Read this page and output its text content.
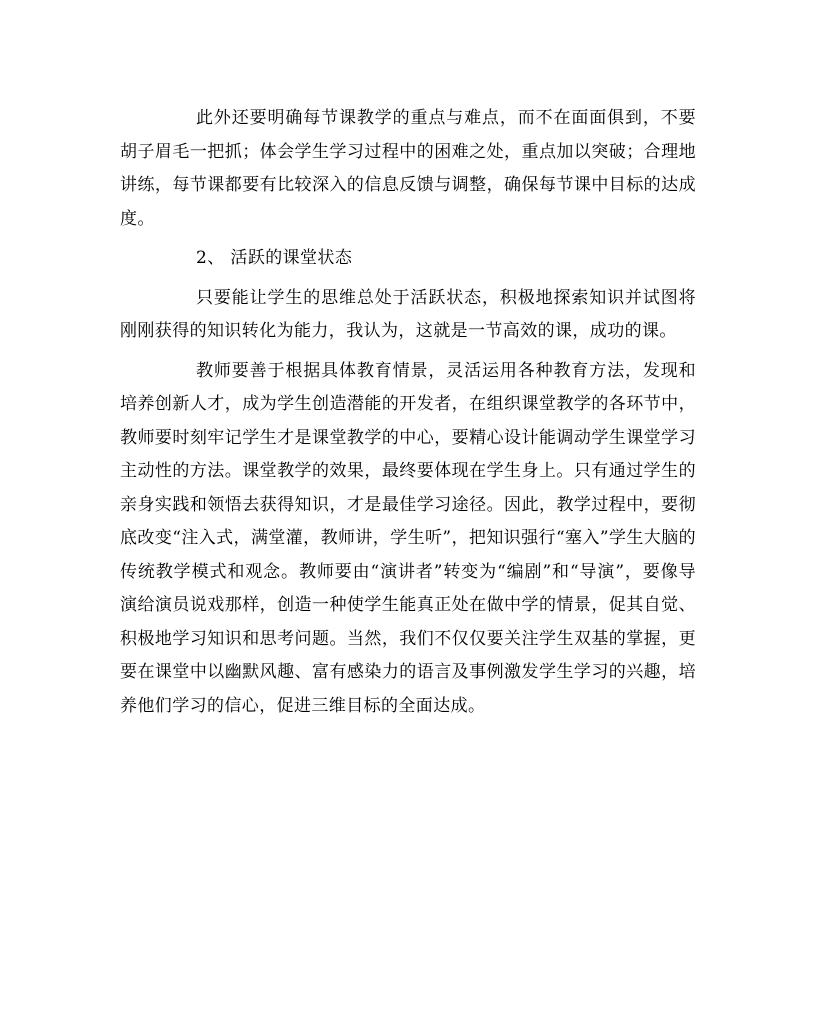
此外还要明确每节课教学的重点与难点，而不在面面俱到，不要胡子眉毛一把抓；体会学生学习过程中的困难之处，重点加以突破；合理地讲练，每节课都要有比较深入的信息反馈与调整，确保每节课中目标的达成度。

2、 活跃的课堂状态

只要能让学生的思维总处于活跃状态，积极地探索知识并试图将刚刚获得的知识转化为能力，我认为，这就是一节高效的课，成功的课。

教师要善于根据具体教育情景，灵活运用各种教育方法，发现和培养创新人才，成为学生创造潜能的开发者，在组织课堂教学的各环节中，教师要时刻牢记学生才是课堂教学的中心，要精心设计能调动学生课堂学习主动性的方法。课堂教学的效果，最终要体现在学生身上。只有通过学生的亲身实践和领悟去获得知识，才是最佳学习途径。因此，教学过程中，要彻底改变“注入式，满堂灌，教师讲，学生听”，把知识强行“塞入”学生大脑的传统教学模式和观念。教师要由“演讲者”转变为“编剧”和“导演”，要像导演给演员说戏那样，创造一种使学生能真正处在做中学的情景，促其自觉、积极地学习知识和思考问题。当然，我们不仅仅要关注学生双基的掌握，更要在课堂中以幽默风趣、富有感染力的语言及事例激发学生学习的兴趣，培养他们学习的信心，促进三维目标的全面达成。
